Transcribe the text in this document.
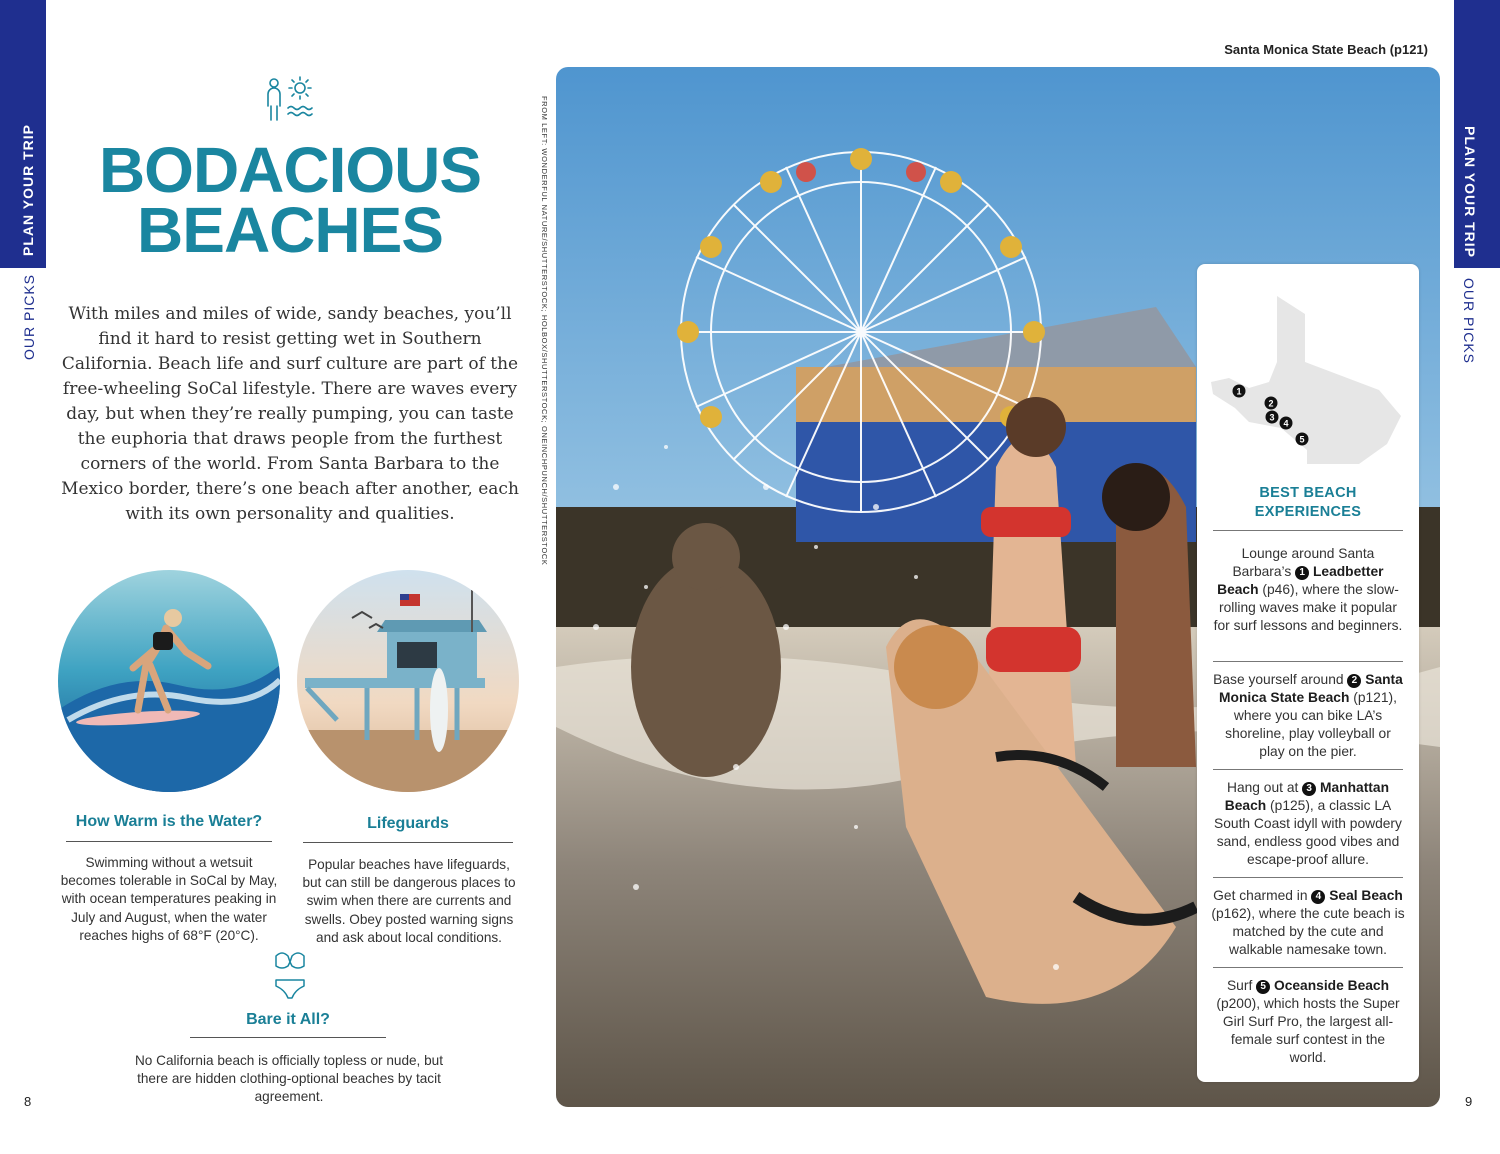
PLAN YOUR TRIP
OUR PICKS
8
PLAN YOUR TRIP
OUR PICKS
9
BODACIOUS
BEACHES
With miles and miles of wide, sandy beaches, you’ll find it hard to resist getting wet in Southern California. Beach life and surf culture are part of the free-wheeling SoCal lifestyle. There are waves every day, but when they’re really pumping, you can taste the euphoria that draws people from the furthest corners of the world. From Santa Barbara to the Mexico border, there’s one beach after another, each with its own personality and qualities.
How Warm is the Water?
Swimming without a wetsuit becomes tolerable in SoCal by May, with ocean temperatures peaking in July and August, when the water reaches highs of 68°F (20°C).
Lifeguards
Popular beaches have lifeguards, but can still be dangerous places to swim when there are currents and swells. Obey posted warning signs and ask about local conditions.
Bare it All?
No California beach is officially topless or nude, but there are hidden clothing-optional beaches by tacit agreement.
FROM LEFT: WONDERFUL NATURE/SHUTTERSTOCK; HOLBOX/SHUTTERSTOCK; ONEINCHPUNCH/SHUTTERSTOCK
Santa Monica State Beach (p121)
1
2
3
4
5
BEST BEACH
EXPERIENCES
Lounge around Santa Barbara’s 1 Leadbetter Beach (p46), where the slow-rolling waves make it popular for surf lessons and beginners.
Base yourself around 2 Santa Monica State Beach (p121), where you can bike LA’s shoreline, play volleyball or play on the pier.
Hang out at 3 Manhattan Beach (p125), a classic LA South Coast idyll with powdery sand, endless good vibes and escape-proof allure.
Get charmed in 4 Seal Beach (p162), where the cute beach is matched by the cute and walkable namesake town.
Surf 5 Oceanside Beach (p200), which hosts the Super Girl Surf Pro, the largest all-female surf contest in the world.
